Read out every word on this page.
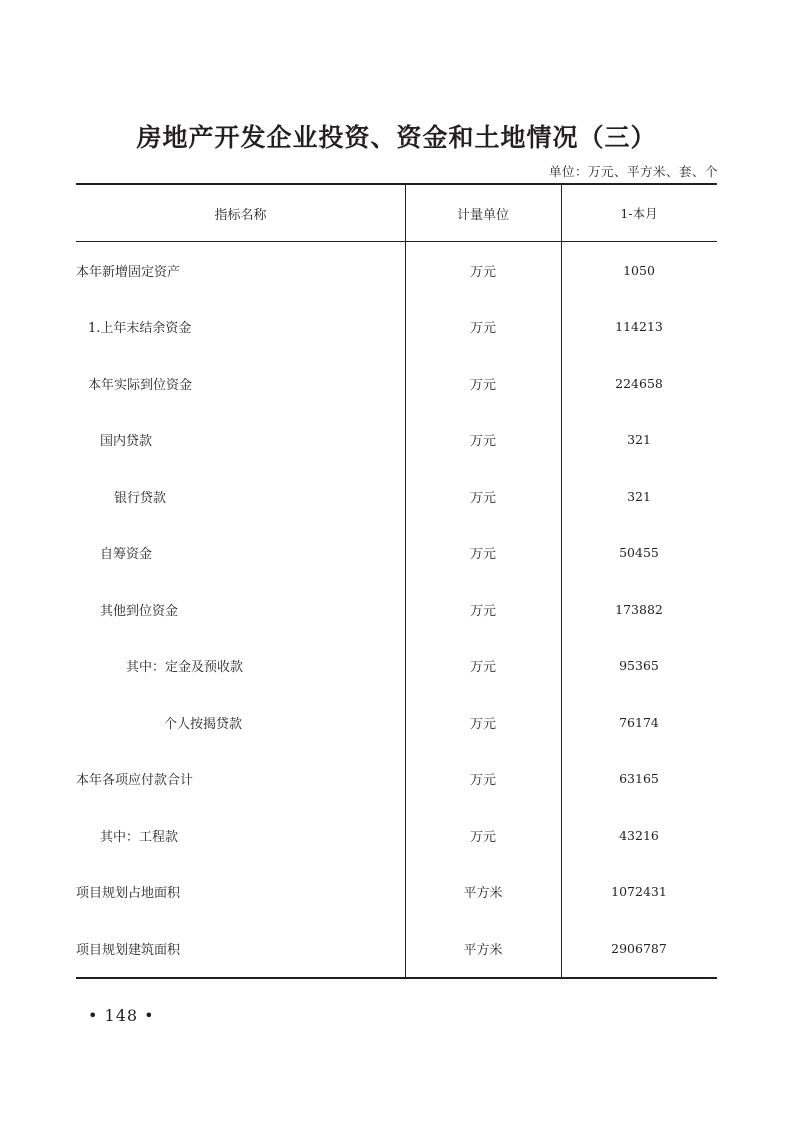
房地产开发企业投资、资金和土地情况（三）
单位：万元、平方米、套、个
指标名称	计量单位	1-本月
本年新增固定资产	万元	1050
1.上年末结余资金	万元	114213
本年实际到位资金	万元	224658
国内贷款	万元	321
银行贷款	万元	321
自筹资金	万元	50455
其他到位资金	万元	173882
其中：定金及预收款	万元	95365
个人按揭贷款	万元	76174
本年各项应付款合计	万元	63165
其中：工程款	万元	43216
项目规划占地面积	平方米	1072431
项目规划建筑面积	平方米	2906787
• 148 •
